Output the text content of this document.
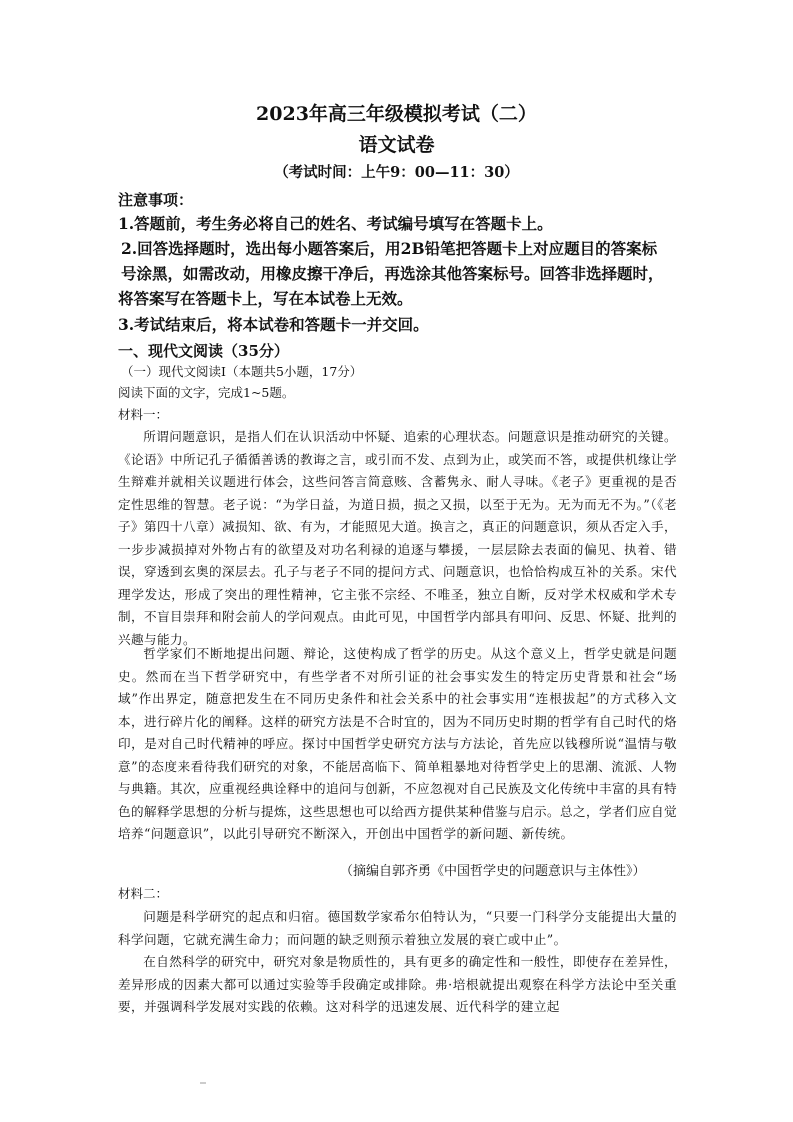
2023年高三年级模拟考试（二）
语文试卷
（考试时间：上午9：00—11：30）
注意事项：
1.答题前，考生务必将自己的姓名、考试编号填写在答题卡上。
2.回答选择题时，选出每小题答案后，用2B铅笔把答题卡上对应题目的答案标
号涂黑，如需改动，用橡皮擦干净后，再选涂其他答案标号。回答非选择题时，
将答案写在答题卡上，写在本试卷上无效。
3.考试结束后，将本试卷和答题卡一并交回。
一、现代文阅读（35分）
（一）现代文阅读Ⅰ（本题共5小题，17分）
阅读下面的文字，完成1~5题。
材料一：
所谓问题意识，是指人们在认识活动中怀疑、追索的心理状态。问题意识是推动研究的关键。《论语》中所记孔子循循善诱的教诲之言，或引而不发、点到为止，或笑而不答，或提供机缘让学生辩难并就相关议题进行体会，这些问答言简意赅、含蓄隽永、耐人寻味。《老子》更重视的是否定性思维的智慧。老子说：“为学日益，为道日损，损之又损，以至于无为。无为而无不为。”（《老子》第四十八章）减损知、欲、有为，才能照见大道。换言之，真正的问题意识，须从否定入手，一步步减损掉对外物占有的欲望及对功名利禄的追逐与攀援，一层层除去表面的偏见、执着、错误，穿透到玄奥的深层去。孔子与老子不同的提问方式、问题意识，也恰恰构成互补的关系。宋代理学发达，形成了突出的理性精神，它主张不宗经、不唯圣，独立自断，反对学术权威和学术专制，不盲目崇拜和附会前人的学问观点。由此可见，中国哲学内部具有叩问、反思、怀疑、批判的兴趣与能力。
哲学家们不断地提出问题、辩论，这使构成了哲学的历史。从这个意义上，哲学史就是问题史。然而在当下哲学研究中，有些学者不对所引证的社会事实发生的特定历史背景和社会“场域”作出界定，随意把发生在不同历史条件和社会关系中的社会事实用“连根拔起”的方式移入文本，进行碎片化的阐释。这样的研究方法是不合时宜的，因为不同历史时期的哲学有自己时代的烙印，是对自己时代精神的呼应。探讨中国哲学史研究方法与方法论，首先应以钱穆所说“温情与敬意”的态度来看待我们研究的对象，不能居高临下、简单粗暴地对待哲学史上的思潮、流派、人物与典籍。其次，应重视经典诠释中的追问与创新，不应忽视对自己民族及文化传统中丰富的具有特色的解释学思想的分析与提炼，这些思想也可以给西方提供某种借鉴与启示。总之，学者们应自觉培养“问题意识”，以此引导研究不断深入，开创出中国哲学的新问题、新传统。
（摘编自郭齐勇《中国哲学史的问题意识与主体性》）
材料二：
问题是科学研究的起点和归宿。德国数学家希尔伯特认为，“只要一门科学分支能提出大量的科学问题，它就充满生命力；而问题的缺乏则预示着独立发展的衰亡或中止”。
在自然科学的研究中，研究对象是物质性的，具有更多的确定性和一般性，即使存在差异性，差异形成的因素大都可以通过实验等手段确定或排除。弗·培根就提出观察在科学方法论中至关重要，并强调科学发展对实践的依赖。这对科学的迅速发展、近代科学的建立起
